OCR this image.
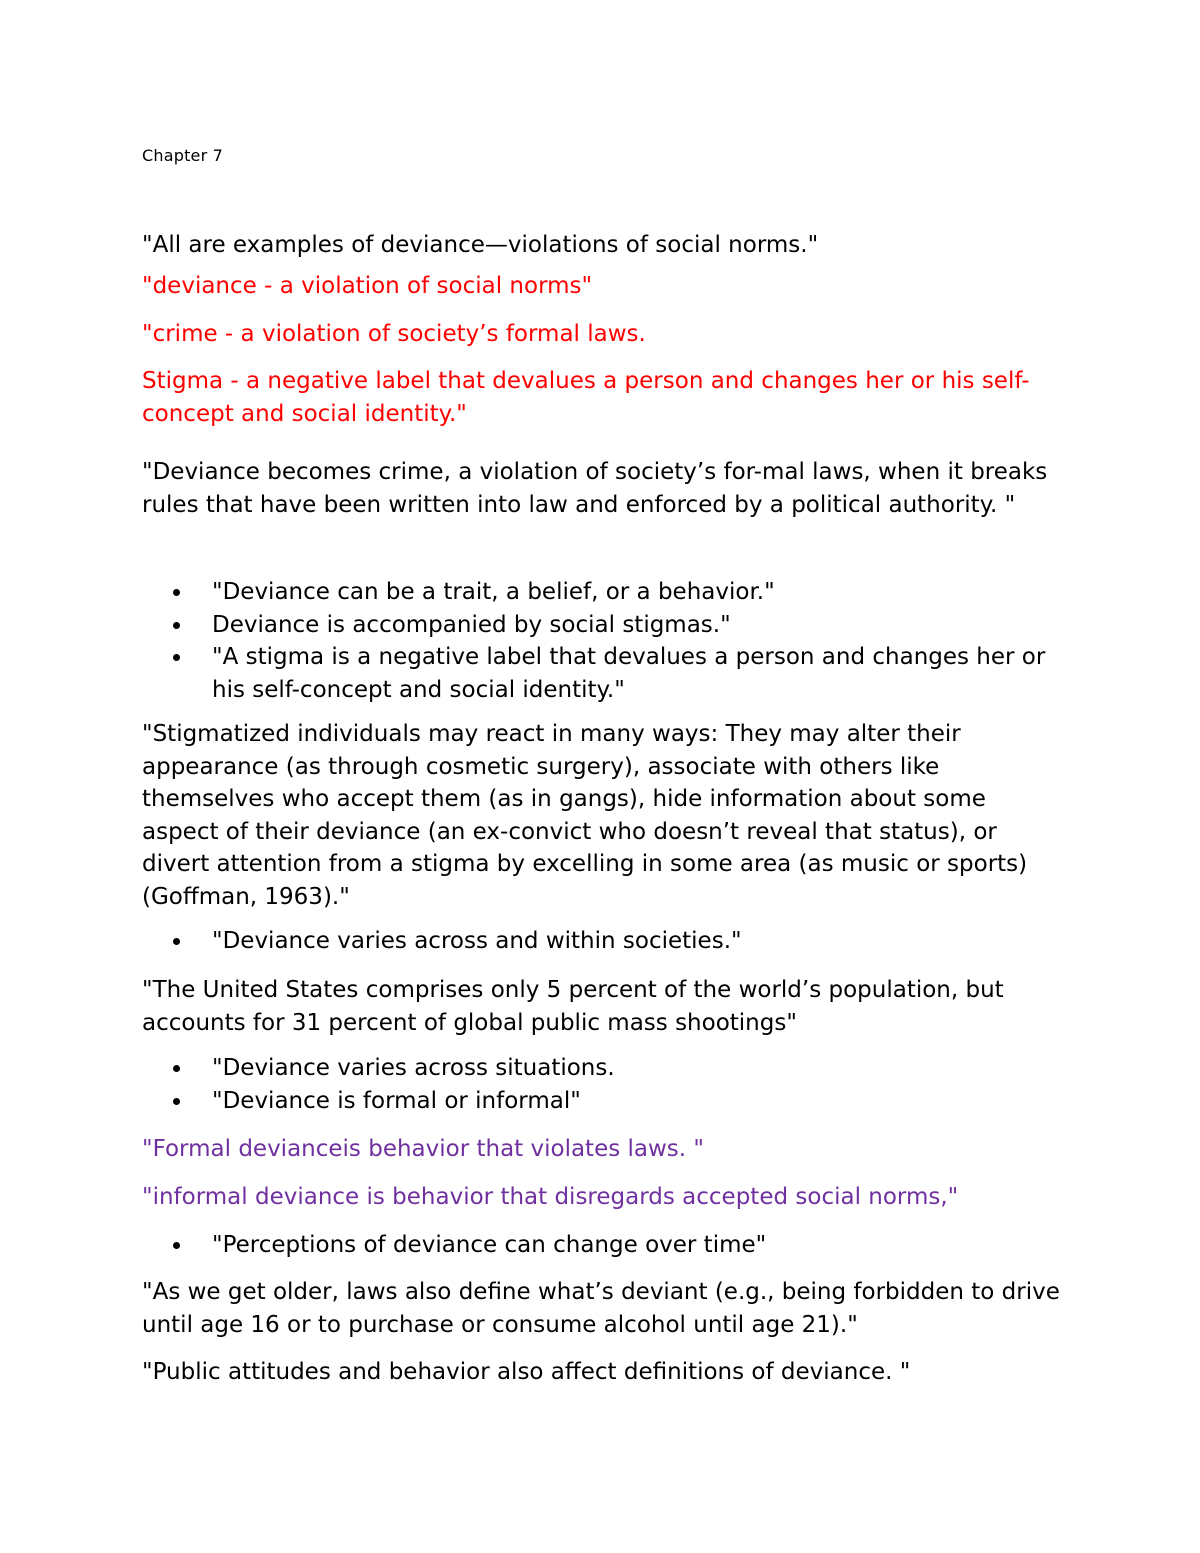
Chapter 7

"All are examples of deviance—violations of social norms."

"deviance - a violation of social norms"

"crime - a violation of society’s formal laws.

Stigma - a negative label that devalues a person and changes her or his self-concept and social identity."

"Deviance becomes crime, a violation of society’s for-mal laws, when it breaks rules that have been written into law and enforced by a political authority. "

"Deviance can be a trait, a belief, or a behavior."
Deviance is accompanied by social stigmas."
"A stigma is a negative label that devalues a person and changes her or his self-concept and social identity."

"Stigmatized individuals may react in many ways: They may alter their appearance (as through cosmetic surgery), associate with others like themselves who accept them (as in gangs), hide information about some aspect of their deviance (an ex-convict who doesn’t reveal that status), or divert attention from a stigma by excelling in some area (as music or sports) (Goffman, 1963)."

"Deviance varies across and within societies."

"The United States comprises only 5 percent of the world’s population, but accounts for 31 percent of global public mass shootings"

"Deviance varies across situations.
"Deviance is formal or informal"

"Formal devianceis behavior that violates laws. "

"informal deviance is behavior that disregards accepted social norms,"

"Perceptions of deviance can change over time"

"As we get older, laws also define what’s deviant (e.g., being forbidden to drive until age 16 or to purchase or consume alcohol until age 21)."

"Public attitudes and behavior also affect definitions of deviance. "
